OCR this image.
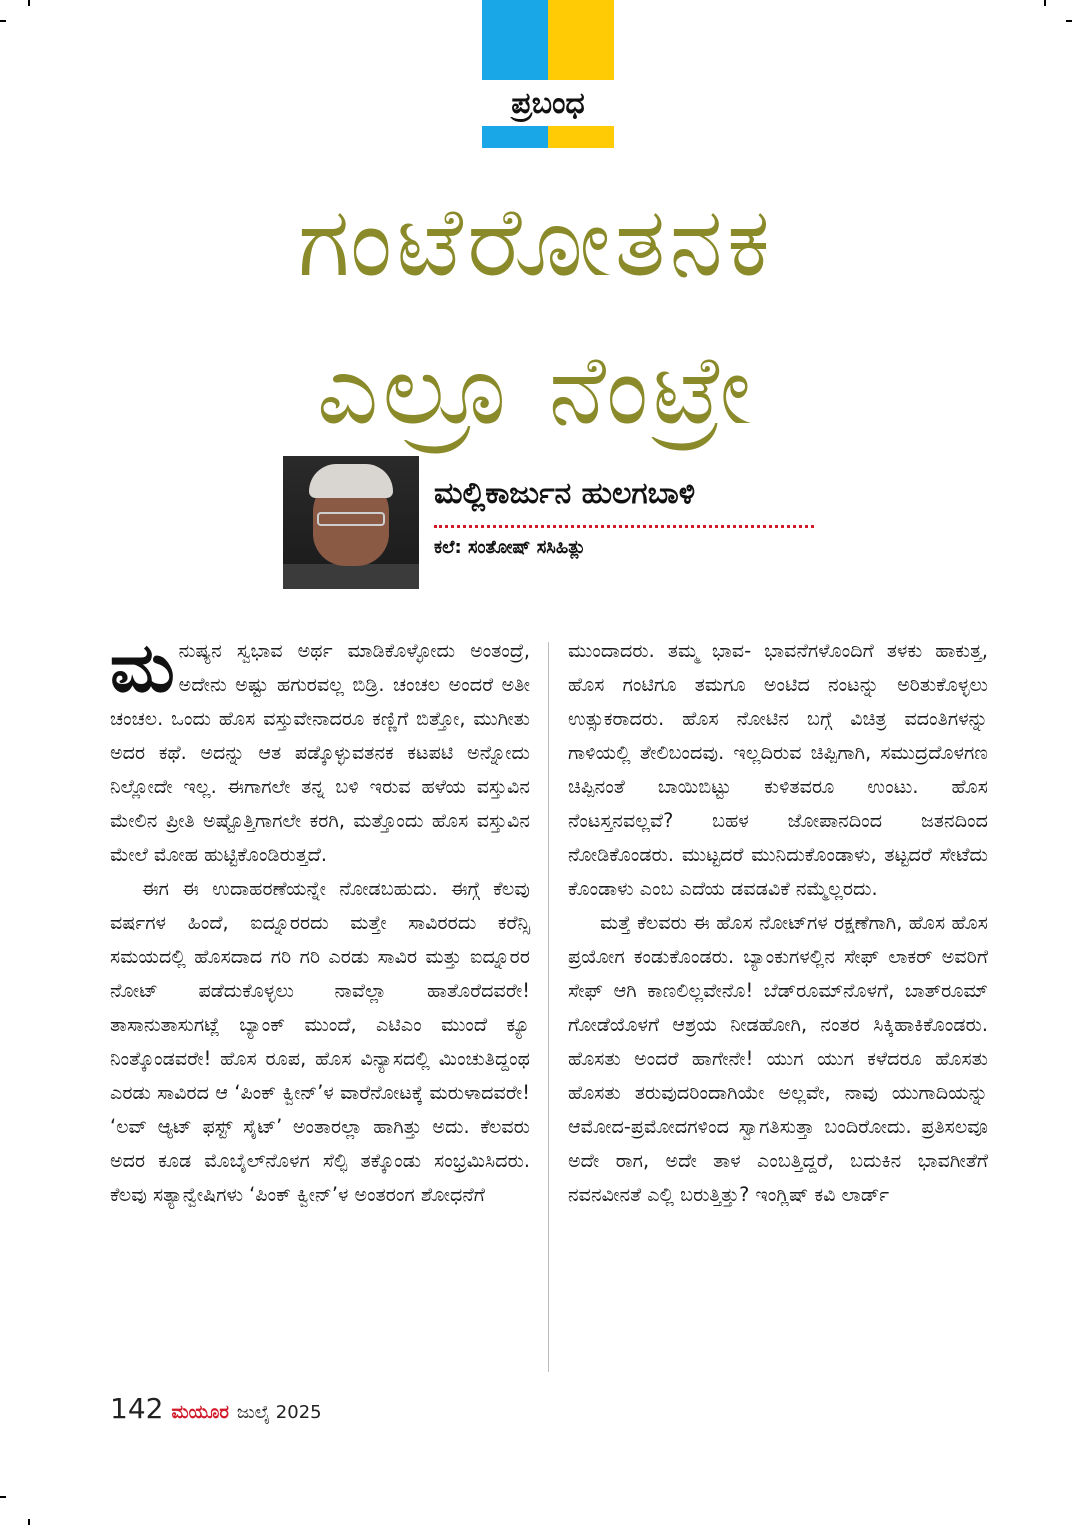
ಪ್ರಬಂಧ
ಗಂಟೆರೋತನಕ
ಎಲ್ರೂ ನೆಂಟ್ರೇ
ಮಲ್ಲಿಕಾರ್ಜುನ ಹುಲಗಬಾಳಿ
ಕಲೆ: ಸಂತೋಷ್ ಸಸಿಹಿತ್ಲು

ಮನುಷ್ಯನ ಸ್ವಭಾವ ಅರ್ಥ ಮಾಡಿಕೊಳ್ಳೋದು ಅಂತಂದ್ರೆ, ಅದೇನು ಅಷ್ಟು ಹಗುರವಲ್ಲ ಬಿಡ್ರಿ. ಚಂಚಲ ಅಂದರೆ ಅತೀ ಚಂಚಲ. ಒಂದು ಹೊಸ ವಸ್ತುವೇನಾದರೂ ಕಣ್ಣಿಗೆ ಬಿತ್ತೋ, ಮುಗೀತು ಅದರ ಕಥೆ. ಅದನ್ನು ಆತ ಪಡ್ಕೊಳ್ಳುವತನಕ ಕಟಪಟಿ ಅನ್ನೋದು ನಿಲ್ಲೋದೇ ಇಲ್ಲ. ಈಗಾಗಲೇ ತನ್ನ ಬಳಿ ಇರುವ ಹಳೆಯ ವಸ್ತುವಿನ ಮೇಲಿನ ಪ್ರೀತಿ ಅಷ್ಟೊತ್ತಿಗಾಗಲೇ ಕರಗಿ, ಮತ್ತೊಂದು ಹೊಸ ವಸ್ತುವಿನ ಮೇಲೆ ಮೋಹ ಹುಟ್ಟಿಕೊಂಡಿರುತ್ತದೆ.

ಈಗ ಈ ಉದಾಹರಣೆಯನ್ನೇ ನೋಡಬಹುದು. ಈಗ್ಗೆ ಕೆಲವು ವರ್ಷಗಳ ಹಿಂದೆ, ಐದ್ನೂರರದು ಮತ್ತೇ ಸಾವಿರರದು ಕರೆನ್ಸಿ ಸಮಯದಲ್ಲಿ ಹೊಸದಾದ ಗರಿ ಗರಿ ಎರಡು ಸಾವಿರ ಮತ್ತು ಐದ್ನೂರರ ನೋಟ್ ಪಡೆದುಕೊಳ್ಳಲು ನಾವೆಲ್ಲಾ ಹಾತೊರೆದವರೇ! ತಾಸಾನುತಾಸುಗಟ್ಲೆ ಬ್ಯಾಂಕ್ ಮುಂದೆ, ಎಟಿಎಂ ಮುಂದೆ ಕ್ಯೂ ನಿಂತ್ಕೊಂಡವರೇ! ಹೊಸ ರೂಪ, ಹೊಸ ವಿನ್ಯಾಸದಲ್ಲಿ ಮಿಂಚುತಿದ್ದಂಥ ಎರಡು ಸಾವಿರದ ಆ ‘ಪಿಂಕ್ ಕ್ವೀನ್’ಳ ವಾರೆನೋಟಕ್ಕೆ ಮರುಳಾದವರೇ! ‘ಲವ್ ಆ್ಯಟ್ ಫಸ್ಟ್ ಸೈಟ್’ ಅಂತಾರಲ್ಲಾ ಹಾಗಿತ್ತು ಅದು. ಕೆಲವರು ಅದರ ಕೂಡ ಮೊಬೈಲ್‌ನೊಳಗ ಸೆಲ್ಫಿ ತಕ್ಕೊಂಡು ಸಂಭ್ರಮಿಸಿದರು. ಕೆಲವು ಸತ್ಯಾನ್ವೇಷಿಗಳು ‘ಪಿಂಕ್ ಕ್ವೀನ್’ಳ ಅಂತರಂಗ ಶೋಧನೆಗೆ

ಮುಂದಾದರು. ತಮ್ಮ ಭಾವ- ಭಾವನೆಗಳೊಂದಿಗೆ ತಳಕು ಹಾಕುತ್ತ, ಹೊಸ ಗಂಟಿಗೂ ತಮಗೂ ಅಂಟಿದ ನಂಟನ್ನು ಅರಿತುಕೊಳ್ಳಲು ಉತ್ಸುಕರಾದರು. ಹೊಸ ನೋಟಿನ ಬಗ್ಗೆ ವಿಚಿತ್ರ ವದಂತಿಗಳನ್ನು ಗಾಳಿಯಲ್ಲಿ ತೇಲಿಬಂದವು. ಇಲ್ಲದಿರುವ ಚಿಪ್ಪಿಗಾಗಿ, ಸಮುದ್ರದೊಳಗಣ ಚಿಪ್ಪಿನಂತೆ ಬಾಯಿಬಿಟ್ಟು ಕುಳಿತವರೂ ಉಂಟು. ಹೊಸ ನೆಂಟಸ್ತನವಲ್ಲವೆ? ಬಹಳ ಜೋಪಾನದಿಂದ ಜತನದಿಂದ ನೋಡಿಕೊಂಡರು. ಮುಟ್ಟದರೆ ಮುನಿದುಕೊಂಡಾಳು, ತಟ್ಟದರೆ ಸೇಟೆದು ಕೊಂಡಾಳು ಎಂಬ ಎದೆಯ ಡವಡವಿಕೆ ನಮ್ಮೆಲ್ಲರದು.

ಮತ್ತೆ ಕೆಲವರು ಈ ಹೊಸ ನೋಟ್‌ಗಳ ರಕ್ಷಣೆಗಾಗಿ, ಹೊಸ ಹೊಸ ಪ್ರಯೋಗ ಕಂಡುಕೊಂಡರು. ಬ್ಯಾಂಕುಗಳಲ್ಲಿನ ಸೇಫ್ ಲಾಕರ್ ಅವರಿಗೆ ಸೇಫ್ ಆಗಿ ಕಾಣಲಿಲ್ಲವೇನೊ! ಬೆಡ್‌ರೂಮ್‌ನೊಳಗೆ, ಬಾತ್‌ರೂಮ್ ಗೋಡೆಯೊಳಗೆ ಆಶ್ರಯ ನೀಡಹೋಗಿ, ನಂತರ ಸಿಕ್ಕಿಹಾಕಿಕೊಂಡರು. ಹೊಸತು ಅಂದರೆ ಹಾಗೇನೇ! ಯುಗ ಯುಗ ಕಳೆದರೂ ಹೊಸತು ಹೊಸತು ತರುವುದರಿಂದಾಗಿಯೇ ಅಲ್ಲವೇ, ನಾವು ಯುಗಾದಿಯನ್ನು ಆಮೋದ-ಪ್ರಮೋದಗಳಿಂದ ಸ್ವಾಗತಿಸುತ್ತಾ ಬಂದಿರೋದು. ಪ್ರತಿಸಲವೂ ಅದೇ ರಾಗ, ಅದೇ ತಾಳ ಎಂಬತ್ತಿದ್ದರೆ, ಬದುಕಿನ ಭಾವಗೀತೆಗೆ ನವನವೀನತೆ ಎಲ್ಲಿ ಬರುತ್ತಿತ್ತು? ಇಂಗ್ಲಿಷ್ ಕವಿ ಲಾರ್ಡ್

142 ಮಯೂರ ಜುಲೈ 2025
